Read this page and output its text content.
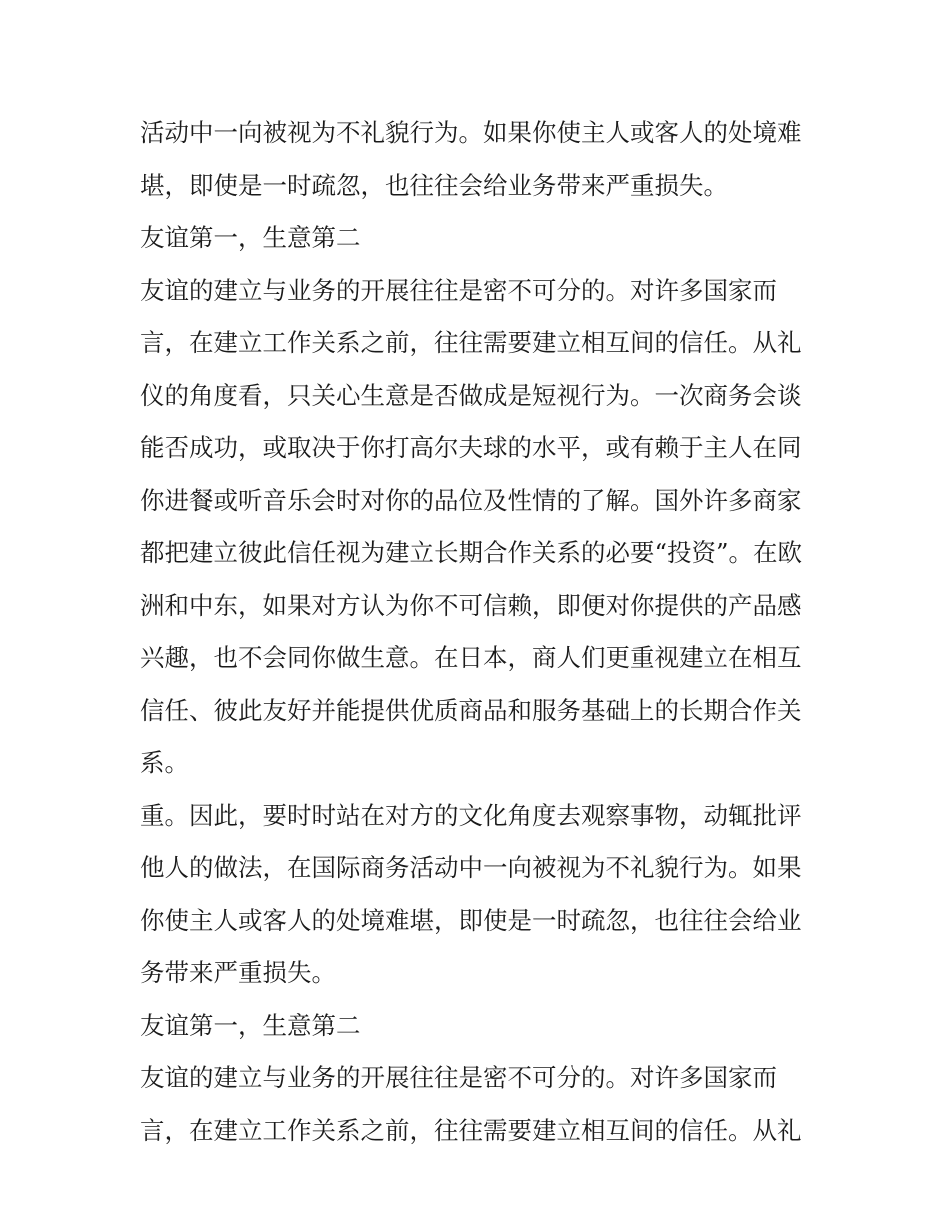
活动中一向被视为不礼貌行为。如果你使主人或客人的处境难
堪，即使是一时疏忽，也往往会给业务带来严重损失。
友谊第一，生意第二
友谊的建立与业务的开展往往是密不可分的。对许多国家而
言，在建立工作关系之前，往往需要建立相互间的信任。从礼
仪的角度看，只关心生意是否做成是短视行为。一次商务会谈
能否成功，或取决于你打高尔夫球的水平，或有赖于主人在同
你进餐或听音乐会时对你的品位及性情的了解。国外许多商家
都把建立彼此信任视为建立长期合作关系的必要“投资”。在欧
洲和中东，如果对方认为你不可信赖，即便对你提供的产品感
兴趣，也不会同你做生意。在日本，商人们更重视建立在相互
信任、彼此友好并能提供优质商品和服务基础上的长期合作关
系。
重。因此，要时时站在对方的文化角度去观察事物，动辄批评
他人的做法，在国际商务活动中一向被视为不礼貌行为。如果
你使主人或客人的处境难堪，即使是一时疏忽，也往往会给业
务带来严重损失。
友谊第一，生意第二
友谊的建立与业务的开展往往是密不可分的。对许多国家而
言，在建立工作关系之前，往往需要建立相互间的信任。从礼
